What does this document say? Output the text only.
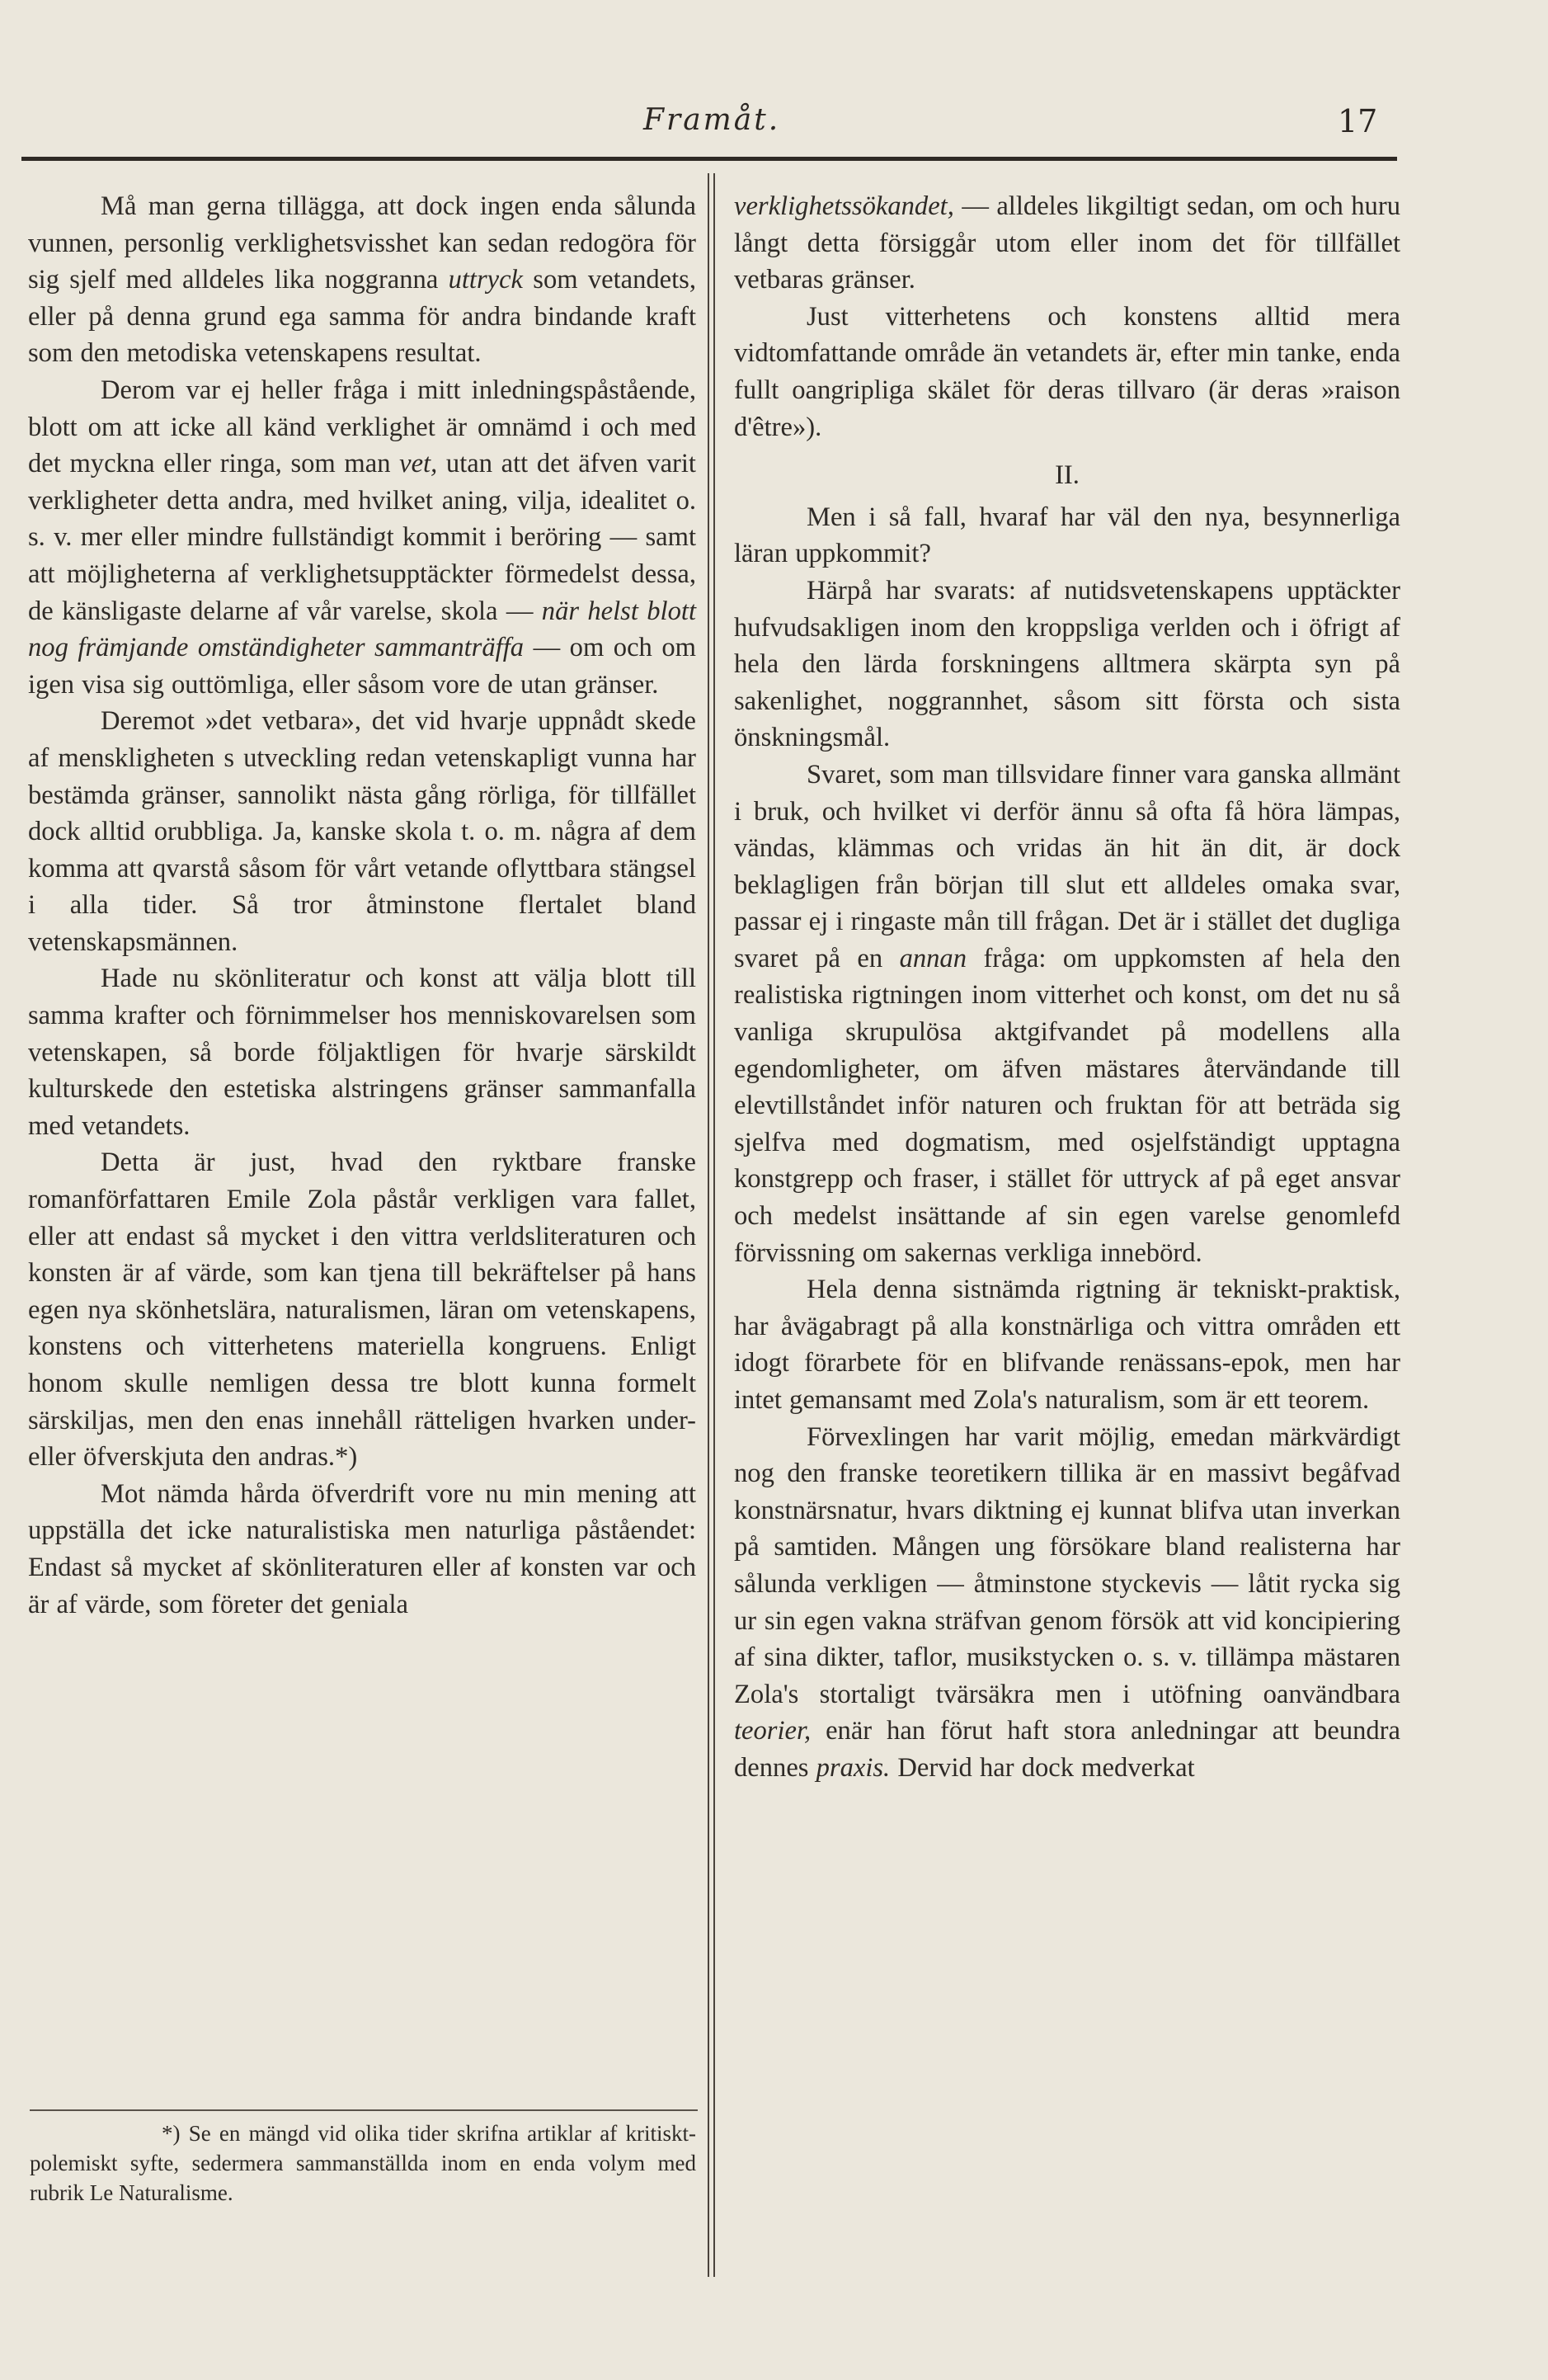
Framåt.	17

Må man gerna tillägga, att dock ingen enda sålunda vunnen, personlig verklighetsvisshet kan sedan redogöra för sig sjelf med alldeles lika noggranna uttryck som vetandets, eller på denna grund ega samma för andra bindande kraft som den metodiska vetenskapens resultat.

Derom var ej heller fråga i mitt inledningspåstående, blott om att icke all känd verklighet är omnämd i och med det myckna eller ringa, som man vet, utan att det äfven varit verkligheter detta andra, med hvilket aning, vilja, idealitet o. s. v. mer eller mindre fullständigt kommit i beröring — samt att möjligheterna af verklighetsupptäckter förmedelst dessa, de känsligaste delarne af vår varelse, skola — när helst blott nog främjande omständigheter sammanträffa — om och om igen visa sig outtömliga, eller såsom vore de utan gränser.

Deremot »det vetbara», det vid hvarje uppnådt skede af menskligheten s utveckling redan vetenskapligt vunna har bestämda gränser, sannolikt nästa gång rörliga, för tillfället dock alltid orubbliga. Ja, kanske skola t. o. m. några af dem komma att qvarstå såsom för vårt vetande oflyttbara stängsel i alla tider. Så tror åtminstone flertalet bland vetenskapsmännen.

Hade nu skönliteratur och konst att välja blott till samma krafter och förnimmelser hos menniskovarelsen som vetenskapen, så borde följaktligen för hvarje särskildt kulturskede den estetiska alstringens gränser sammanfalla med vetandets.

Detta är just, hvad den ryktbare franske romanförfattaren Emile Zola påstår verkligen vara fallet, eller att endast så mycket i den vittra verldsliteraturen och konsten är af värde, som kan tjena till bekräftelser på hans egen nya skönhetslära, naturalismen, läran om vetenskapens, konstens och vitterhetens materiella kongruens. Enligt honom skulle nemligen dessa tre blott kunna formelt särskiljas, men den enas innehåll rätteligen hvarken under- eller öfverskjuta den andras.*)

Mot nämda hårda öfverdrift vore nu min mening att uppställa det icke naturalistiska men naturliga påståendet: Endast så mycket af skönliteraturen eller af konsten var och är af värde, som företer det geniala

*) Se en mängd vid olika tider skrifna artiklar af kritiskt-polemiskt syfte, sedermera sammanställda inom en enda volym med rubrik Le Naturalisme.

verklighetssökandet, — alldeles likgiltigt sedan, om och huru långt detta försiggår utom eller inom det för tillfället vetbaras gränser.

Just vitterhetens och konstens alltid mera vidtomfattande område än vetandets är, efter min tanke, enda fullt oangripliga skälet för deras tillvaro (är deras »raison d'être»).

II.

Men i så fall, hvaraf har väl den nya, besynnerliga läran uppkommit?

Härpå har svarats: af nutidsvetenskapens upptäckter hufvudsakligen inom den kroppsliga verlden och i öfrigt af hela den lärda forskningens alltmera skärpta syn på sakenlighet, noggrannhet, såsom sitt första och sista önskningsmål.

Svaret, som man tillsvidare finner vara ganska allmänt i bruk, och hvilket vi derför ännu så ofta få höra lämpas, vändas, klämmas och vridas än hit än dit, är dock beklagligen från början till slut ett alldeles omaka svar, passar ej i ringaste mån till frågan. Det är i stället det dugliga svaret på en annan fråga: om uppkomsten af hela den realistiska rigtningen inom vitterhet och konst, om det nu så vanliga skrupulösa aktgifvandet på modellens alla egendomligheter, om äfven mästares återvändande till elevtillståndet inför naturen och fruktan för att beträda sig sjelfva med dogmatism, med osjelfständigt upptagna konstgrepp och fraser, i stället för uttryck af på eget ansvar och medelst insättande af sin egen varelse genomlefd förvissning om sakernas verkliga innebörd.

Hela denna sistnämda rigtning är tekniskt-praktisk, har åvägabragt på alla konstnärliga och vittra områden ett idogt förarbete för en blifvande renässans-epok, men har intet gemansamt med Zola's naturalism, som är ett teorem.

Förvexlingen har varit möjlig, emedan märkvärdigt nog den franske teoretikern tillika är en massivt begåfvad konstnärsnatur, hvars diktning ej kunnat blifva utan inverkan på samtiden. Mången ung försökare bland realisterna har sålunda verkligen — åtminstone styckevis — låtit rycka sig ur sin egen vakna sträfvan genom försök att vid koncipiering af sina dikter, taflor, musikstycken o. s. v. tillämpa mästaren Zola's stortaligt tvärsäkra men i utöfning oanvändbara teorier, enär han förut haft stora anledningar att beundra dennes praxis. Dervid har dock medverkat
